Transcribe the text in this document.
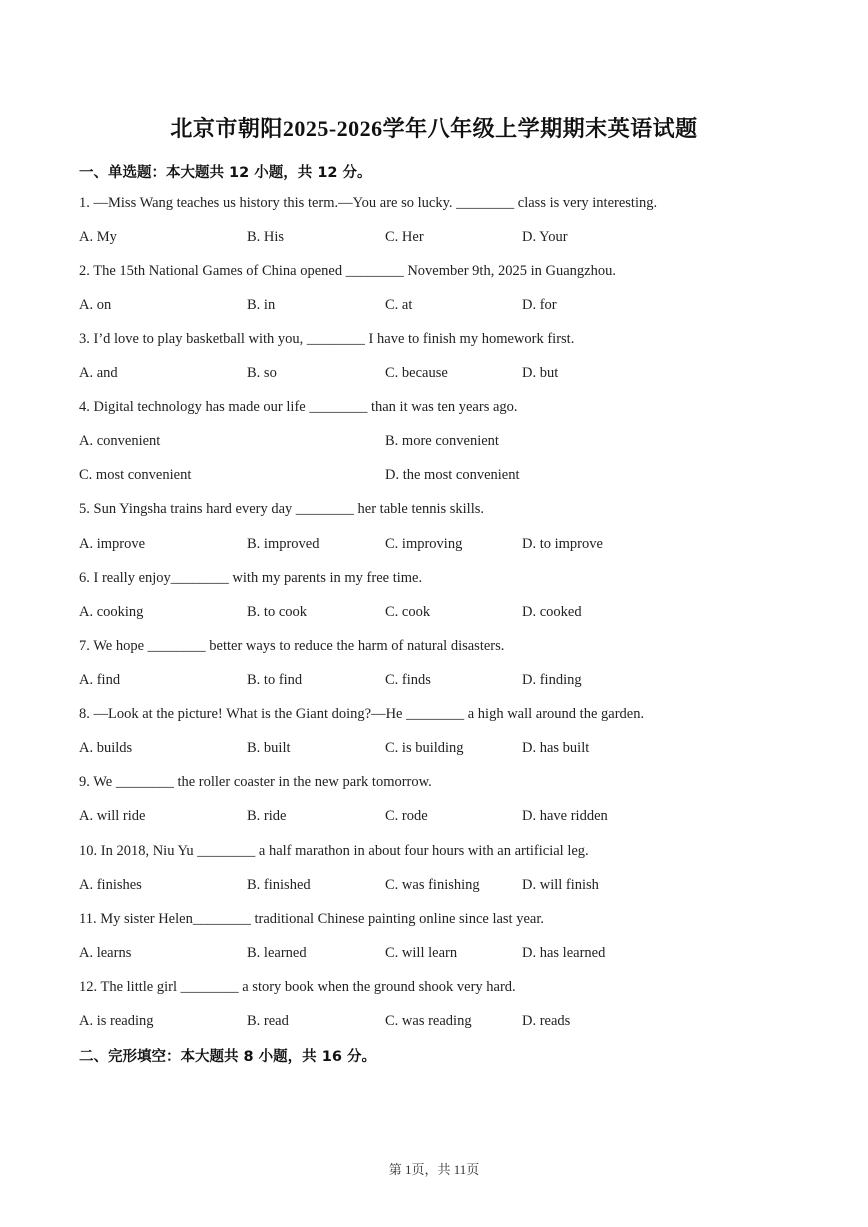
北京市朝阳2025-2026学年八年级上学期期末英语试题
一、单选题：本大题共 12 小题，共 12 分。
1. —Miss Wang teaches us history this term.—You are so lucky. ________ class is very interesting.
A. My	B. His	C. Her	D. Your
2. The 15th National Games of China opened ________ November 9th, 2025 in Guangzhou.
A. on	B. in	C. at	D. for
3. I’d love to play basketball with you, ________ I have to finish my homework first.
A. and	B. so	C. because	D. but
4. Digital technology has made our life ________ than it was ten years ago.
A. convenient	B. more convenient
C. most convenient	D. the most convenient
5. Sun Yingsha trains hard every day ________ her table tennis skills.
A. improve	B. improved	C. improving	D. to improve
6. I really enjoy________ with my parents in my free time.
A. cooking	B. to cook	C. cook	D. cooked
7. We hope ________ better ways to reduce the harm of natural disasters.
A. find	B. to find	C. finds	D. finding
8. —Look at the picture! What is the Giant doing?—He ________ a high wall around the garden.
A. builds	B. built	C. is building	D. has built
9. We ________ the roller coaster in the new park tomorrow.
A. will ride	B. ride	C. rode	D. have ridden
10. In 2018, Niu Yu ________ a half marathon in about four hours with an artificial leg.
A. finishes	B. finished	C. was finishing	D. will finish
11. My sister Helen________ traditional Chinese painting online since last year.
A. learns	B. learned	C. will learn	D. has learned
12. The little girl ________ a story book when the ground shook very hard.
A. is reading	B. read	C. was reading	D. reads
二、完形填空：本大题共 8 小题，共 16 分。
第 1页，共 11页
